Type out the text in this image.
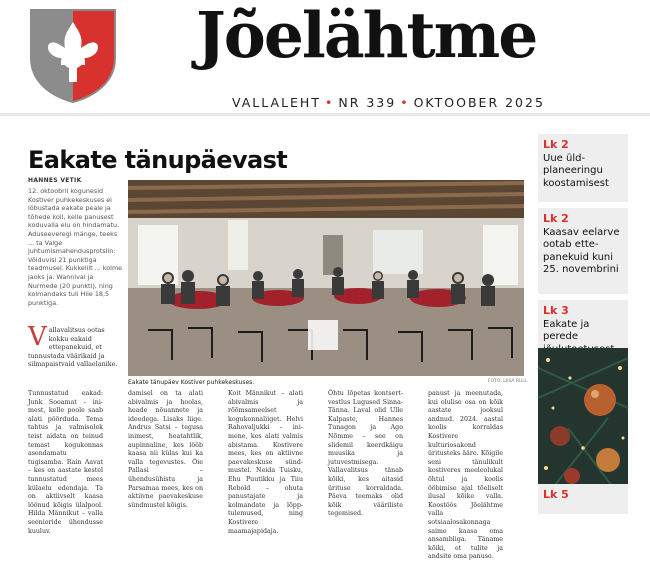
Jõelähtme
VALLALEHT • NR 339 • OKTOOBER 2025
Eakate tänupäevast
HANNES VETIK
12. oktoobril kogunesid Kostiver puhkekeskuses ei lõbustada eakate peale ja tõhede koll, kelle panusest koduvalla elu on hindamatu. Aduseeveregi mänge, teeks ... ta Valge juhtumismahendusprotsiin: Võiduvisi 21 punktiga teadmusel. Kukkeliit ... kolme jaoks ja. Wannival ja Nurmede (20 punkti), ning kolmandaks tuli Hiie 18,5 punktiga.
V allavalitsus ootas kokku eakaid ettepanekuid, et tunnustada väärikaid ja silmapaistvaid vallaelanike.
Eakate tänupäev Kostiver puhkekeskuses.	FOTO: LIISA RULL
Tunnustatud eakad: Junk Sooamat – inimest, kelle poole saab alati pöörduda. Tema tahtus ja valmisolek teist aidata on teinud temast kogukonnas asendamatu tugisamba. Rain Aavat – kes on aastate kestel tunnustatud mees külaelu edendaja. Ta on aktiivselt kaasa löönud kõigis ülalpool. Hilda Männikut – valla seenioride ühendusse kuuluv.
damisel on ta alati abivalmis ja hoolas, heade nõuannete ja ideedega. Lisaks liige. Andrus Satsi – tegusa inimest, heatahtlik, aupinnaline, kes lööb kaasa nii külas kui ka valla tegevustes. Õie Pallasi – ühendusühistu ja Parsamaa mees, kes on aktiivne paevakeskuse sündmustel kõigis.
Koit Männikut – alati abivalmis ja rõõmsameelset kogukonnaliiget. Helvi Rahovaljukki – inimene, kes alati valmis abistama. Kostivere mees, kes on aktiivne paevakeskuse sündmustel. Neida Tuisku, Ehu Puutikku ja Tiiu Rebold – ohuta panustajate ja kolmandate ja lõpptulemused, ning Kostivere maamajapidaja.
Õhtu lõpetas kontsertvestlus Lugused Sinna-Tänna. Laval olid Ulle Kalpaste, Hannes Tunagon ja Ago Nõmme – see on slidemil keerdkäigu muusika ja jutuvestmisega. Vallavalitsus tänab kõiki, kes aitasid ürituse korraldada. Päeva teemaks olid kõik vääriliste tegemised.
panust ja meenutada, kui olulise osa on kõik aastate jooksul andnud. 2024. aastal koolis korraldas Kostivere kulturiosakond üritusteks ääre. Kõigile seni tänulikult kostiveres meeleolukal õhtul ja koolis ööbimise ajal tõeliselt ilusal kõike valla. Koostöös Jõelähtme valla sotsiaalosakonnaga saime kaasa oma ansambliga. Täname kõiki, et tulite ja andsite oma panuse.
Lk 2
Uue üldplaneeringu koostamisest
Lk 2
Kaasav eelarve ootab ettepanekuid kuni 25. novembrini
Lk 3
Eakate ja perede
Lk 5
